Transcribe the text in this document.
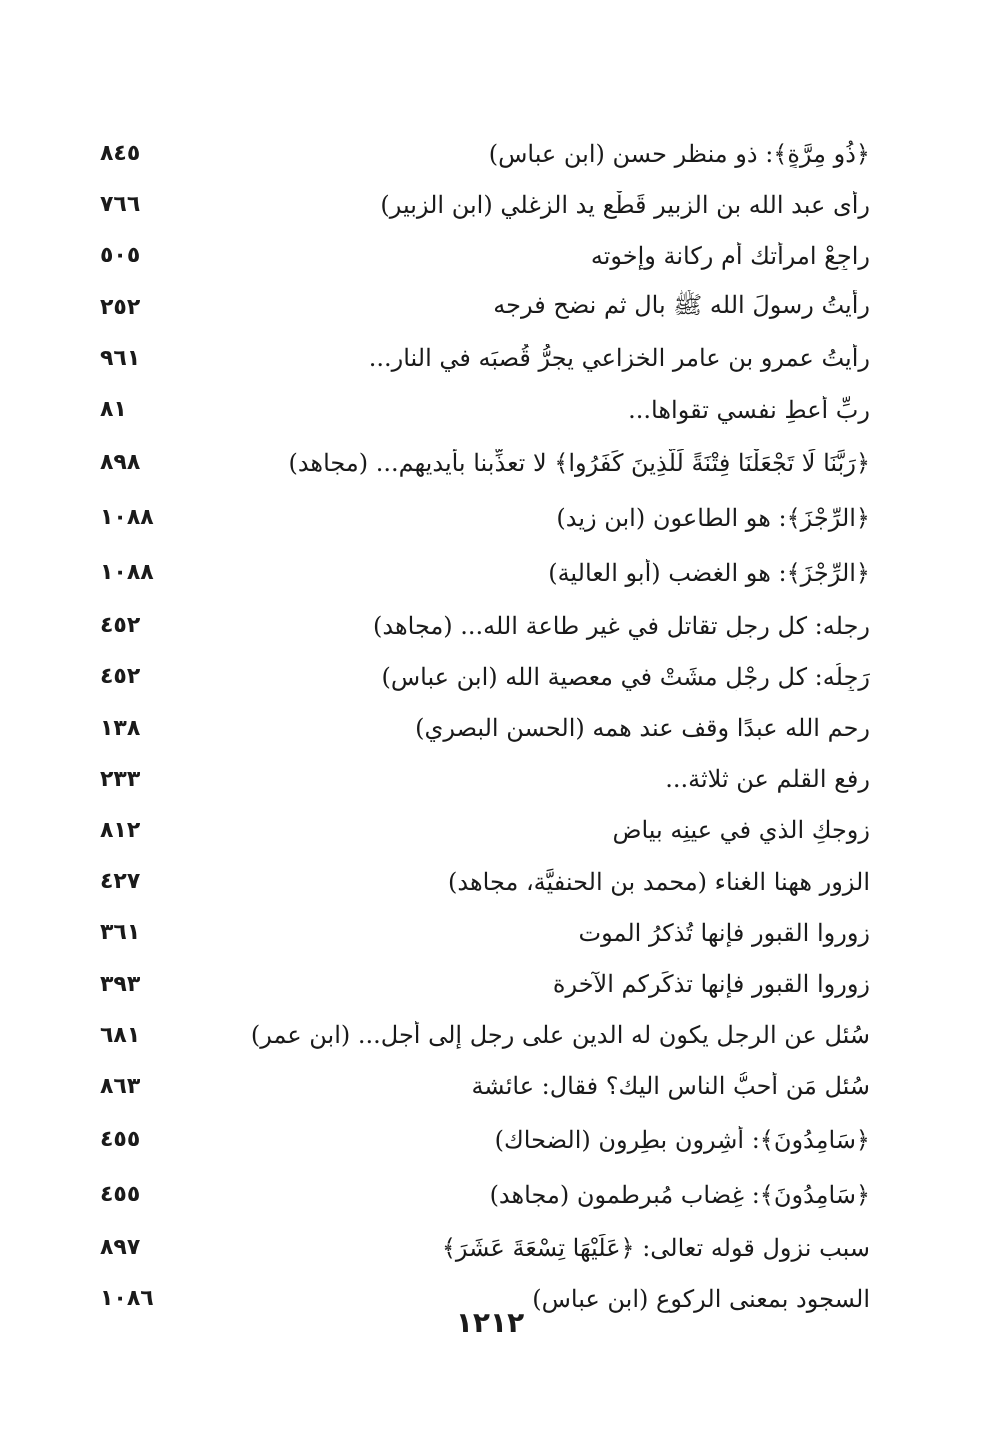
﴿ذُو مِرَّةٍ﴾: ذو منظر حسن (ابن عباس)
٨٤٥
رأى عبد الله بن الزبير قَطْع يد الزغلي (ابن الزبير)
٧٦٦
راجِعْ امرأتك أم ركانة وإخوته
٥٠٥
رأيتُ رسولَ الله ﷺ بال ثم نضح فرجه
٢٥٢
رأيتُ عمرو بن عامر الخزاعي يجرُّ قُصبَه في النار...
٩٦١
ربِّ أعطِ نفسي تقواها...
٨١
﴿رَبَّنَا لَا تَجْعَلْنَا فِتْنَةً لِّلَّذِينَ كَفَرُوا﴾ لا تعذِّبنا بأيديهم... (مجاهد)
٨٩٨
﴿الرِّجْزَ﴾: هو الطاعون (ابن زيد)
١٠٨٨
﴿الرِّجْزَ﴾: هو الغضب (أبو العالية)
١٠٨٨
رجله: كل رجلٍ تقاتل في غير طاعة الله... (مجاهد)
٤٥٢
رَجِلُه: كل رِجْلٍ مشَتْ في معصية الله (ابن عباس)
٤٥٢
رحم الله عبدًا وقف عند همه (الحسن البصري)
١٣٨
رفع القلم عن ثلاثة...
٢٣٣
زوجكِ الذي في عينِه بياض
٨١٢
الزور ههنا الغناء (محمد بن الحنفيَّة، مجاهد)
٤٢٧
زوروا القبور فإنها تُذكرُ الموت
٣٦١
زوروا القبور فإنها تذكِّركم الآخرة
٣٩٣
سُئل عن الرجل يكون له الدين على رجل إلى أجل... (ابن عمر)
٦٨١
سُئل مَن أحبُّ الناس اليك؟ فقال: عائشة
٨٦٣
﴿سَامِدُونَ﴾: أشِرون بطِرون (الضحاك)
٤٥٥
﴿سَامِدُونَ﴾: غِضاب مُبرطمون (مجاهد)
٤٥٥
سبب نزول قوله تعالى: ﴿عَلَيْهَا تِسْعَةَ عَشَرَ﴾
٨٩٧
السجود بمعنى الركوع (ابن عباس)
١٠٨٦
١٢١٢
